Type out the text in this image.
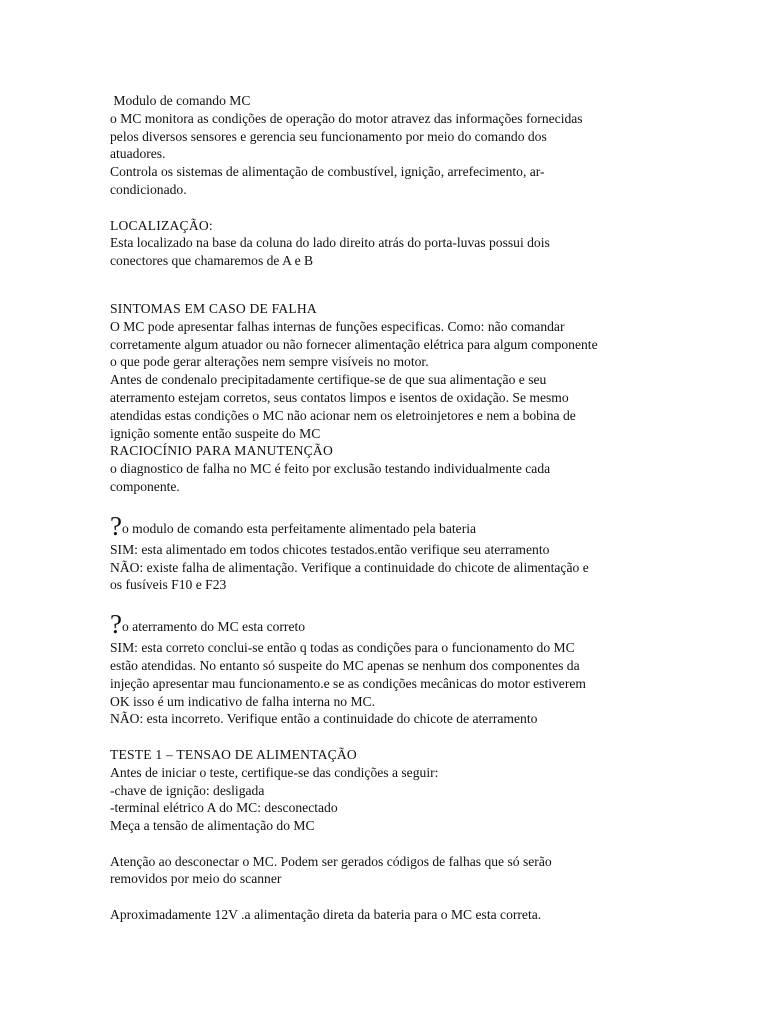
Modulo de comando MC
o MC monitora as condições de operação do motor atravez das informações fornecidas
pelos diversos sensores e gerencia seu funcionamento por meio do comando dos
atuadores.
Controla os sistemas de alimentação de combustível, ignição, arrefecimento, ar-
condicionado.
LOCALIZAÇÃO:
Esta localizado na base da coluna do lado direito atrás do porta-luvas possui dois
conectores que chamaremos de A e B
SINTOMAS EM CASO DE FALHA
O MC pode apresentar falhas internas de funções especificas. Como: não comandar
corretamente algum atuador ou não fornecer alimentação elétrica para algum componente
o que pode gerar alterações nem sempre visíveis no motor.
Antes de condenalo precipitadamente certifique-se de que sua alimentação e seu
aterramento estejam corretos, seus contatos limpos e isentos de oxidação. Se mesmo
atendidas estas condições o MC não acionar nem os eletroinjetores e nem a bobina de
ignição somente então suspeite do MC
RACIOCÍNIO PARA MANUTENÇÃO
o diagnostico de falha no MC é feito por exclusão testando individualmente cada
componente.
?o modulo de comando esta perfeitamente alimentado pela bateria
SIM: esta alimentado em todos chicotes testados.então verifique seu aterramento
NÃO: existe falha de alimentação. Verifique a continuidade do chicote de alimentação e
os fusíveis F10 e F23
?o aterramento do MC esta correto
SIM: esta correto conclui-se então q todas as condições para o funcionamento do MC
estão atendidas. No entanto só suspeite do MC apenas se nenhum dos componentes da
injeção apresentar mau funcionamento.e se as condições mecânicas do motor estiverem
OK isso é um indicativo de falha interna no MC.
NÃO: esta incorreto. Verifique então a continuidade do chicote de aterramento
TESTE 1 – TENSAO DE ALIMENTAÇÃO
Antes de iniciar o teste, certifique-se das condições a seguir:
-chave de ignição: desligada
-terminal elétrico A do MC: desconectado
Meça a tensão de alimentação do MC
Atenção ao desconectar o MC. Podem ser gerados códigos de falhas que só serão
removidos por meio do scanner
Aproximadamente 12V .a alimentação direta da bateria para o MC esta correta.
